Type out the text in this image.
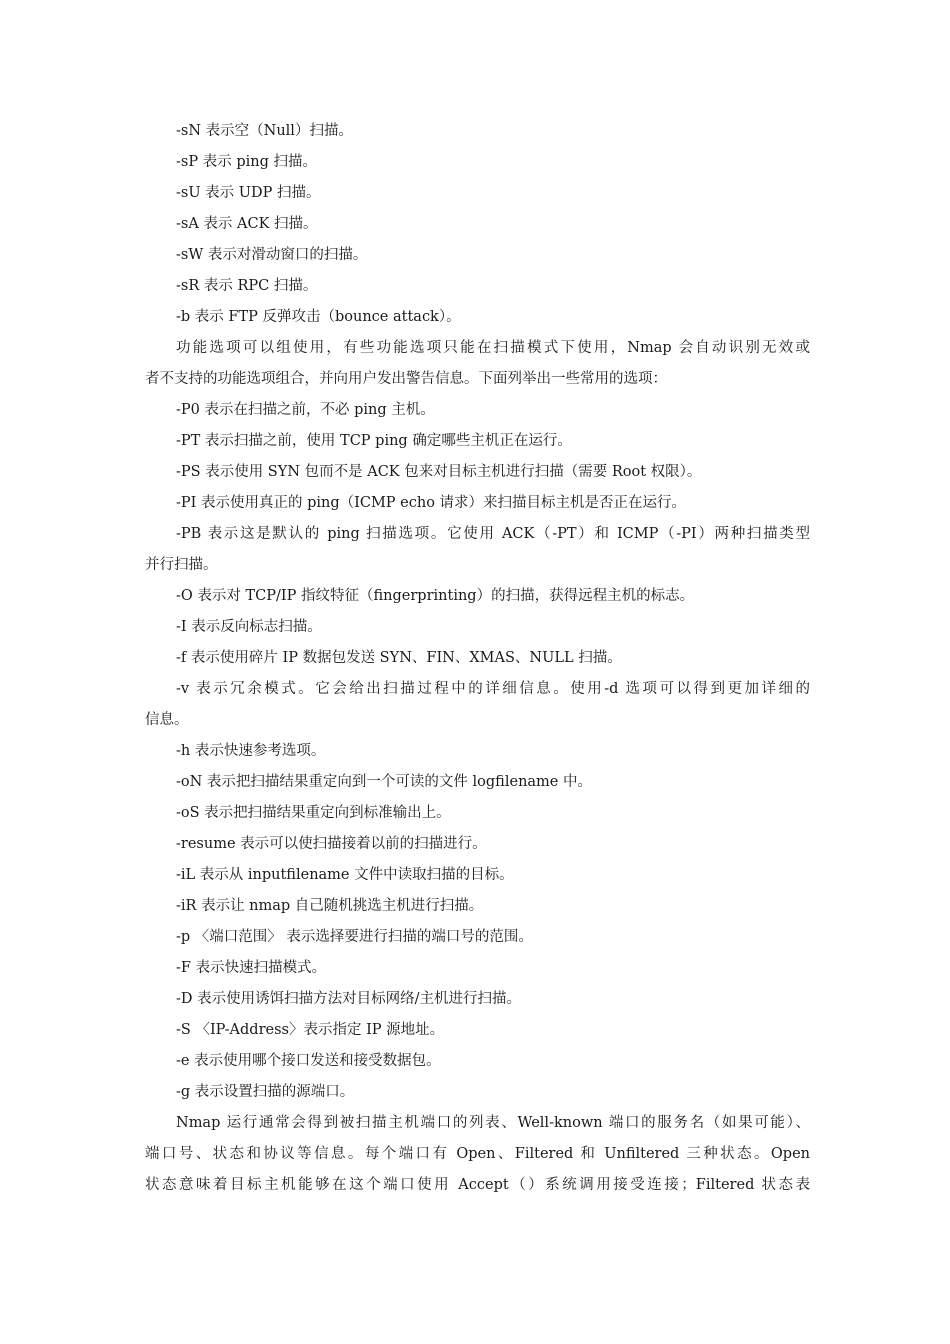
-sN 表示空（Null）扫描。
-sP 表示 ping 扫描。
-sU 表示 UDP 扫描。
-sA 表示 ACK 扫描。
-sW 表示对滑动窗口的扫描。
-sR 表示 RPC 扫描。
-b 表示 FTP 反弹攻击（bounce attack）。
功能选项可以组使用，有些功能选项只能在扫描模式下使用，Nmap 会自动识别无效或
者不支持的功能选项组合，并向用户发出警告信息。下面列举出一些常用的选项：
-P0 表示在扫描之前，不必 ping 主机。
-PT 表示扫描之前，使用 TCP ping 确定哪些主机正在运行。
-PS 表示使用 SYN 包而不是 ACK 包来对目标主机进行扫描（需要 Root 权限）。
-PI 表示使用真正的 ping（ICMP echo 请求）来扫描目标主机是否正在运行。
-PB 表示这是默认的 ping 扫描选项。它使用 ACK（-PT）和 ICMP（-PI）两种扫描类型
并行扫描。
-O 表示对 TCP/IP 指纹特征（fingerprinting）的扫描，获得远程主机的标志。
-I 表示反向标志扫描。
-f 表示使用碎片 IP 数据包发送 SYN、FIN、XMAS、NULL 扫描。
-v 表示冗余模式。它会给出扫描过程中的详细信息。使用-d 选项可以得到更加详细的
信息。
-h 表示快速参考选项。
-oN 表示把扫描结果重定向到一个可读的文件 logfilename 中。
-oS 表示把扫描结果重定向到标准输出上。
-resume 表示可以使扫描接着以前的扫描进行。
-iL 表示从 inputfilename 文件中读取扫描的目标。
-iR 表示让 nmap 自己随机挑选主机进行扫描。
-p 〈端口范围〉 表示选择要进行扫描的端口号的范围。
-F 表示快速扫描模式。
-D 表示使用诱饵扫描方法对目标网络/主机进行扫描。
-S 〈IP-Address〉表示指定 IP 源地址。
-e 表示使用哪个接口发送和接受数据包。
-g 表示设置扫描的源端口。
Nmap 运行通常会得到被扫描主机端口的列表、Well-known 端口的服务名（如果可能）、
端口号、状态和协议等信息。每个端口有 Open、Filtered 和 Unfiltered 三种状态。Open
状态意味着目标主机能够在这个端口使用 Accept（）系统调用接受连接；Filtered 状态表
